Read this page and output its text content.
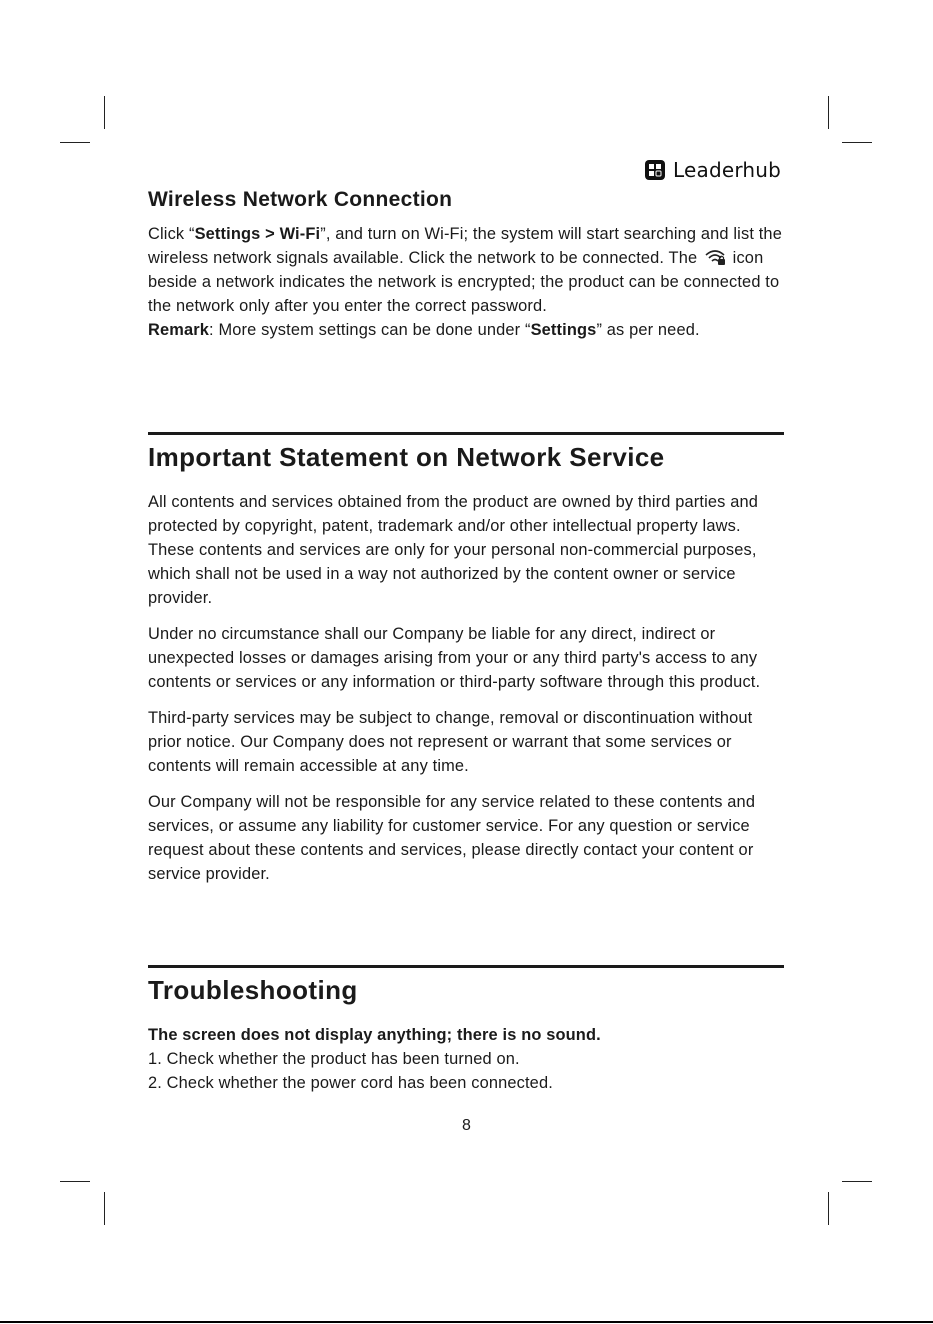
Leaderhub
Wireless Network Connection

Click “Settings > Wi-Fi”, and turn on Wi-Fi; the system will start searching and list the wireless network signals available. Click the network to be connected. The icon beside a network indicates the network is encrypted; the product can be connected to the network only after you enter the correct password.

Remark: More system settings can be done under “Settings” as per need.

Important Statement on Network Service

All contents and services obtained from the product are owned by third parties and protected by copyright, patent, trademark and/or other intellectual property laws. These contents and services are only for your personal non-commercial purposes, which shall not be used in a way not authorized by the content owner or service provider.

Under no circumstance shall our Company be liable for any direct, indirect or unexpected losses or damages arising from your or any third party's access to any contents or services or any information or third-party software through this product.

Third-party services may be subject to change, removal or discontinuation without prior notice. Our Company does not represent or warrant that some services or contents will remain accessible at any time.

Our Company will not be responsible for any service related to these contents and services, or assume any liability for customer service. For any question or service request about these contents and services, please directly contact your content or service provider.

Troubleshooting

The screen does not display anything; there is no sound.

1. Check whether the product has been turned on.

2. Check whether the power cord has been connected.

8
